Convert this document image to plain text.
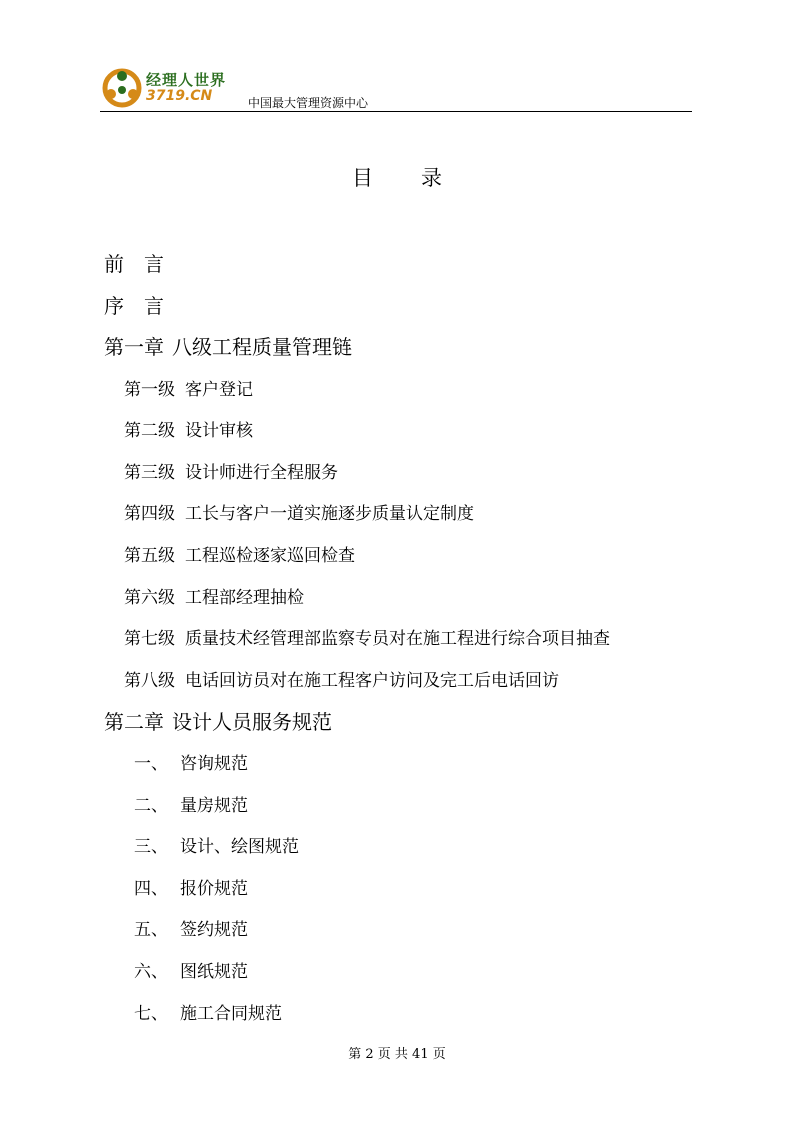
经理人世界
3719.CN	中国最大管理资源中心
目 录
前 言
序 言
第一章 八级工程质量管理链
第一级 客户登记
第二级 设计审核
第三级 设计师进行全程服务
第四级 工长与客户一道实施逐步质量认定制度
第五级 工程巡检逐家巡回检查
第六级 工程部经理抽检
第七级 质量技术经管理部监察专员对在施工程进行综合项目抽查
第八级 电话回访员对在施工程客户访问及完工后电话回访
第二章 设计人员服务规范
一、 咨询规范
二、 量房规范
三、 设计、绘图规范
四、 报价规范
五、 签约规范
六、 图纸规范
七、 施工合同规范
第 2 页 共 41 页
